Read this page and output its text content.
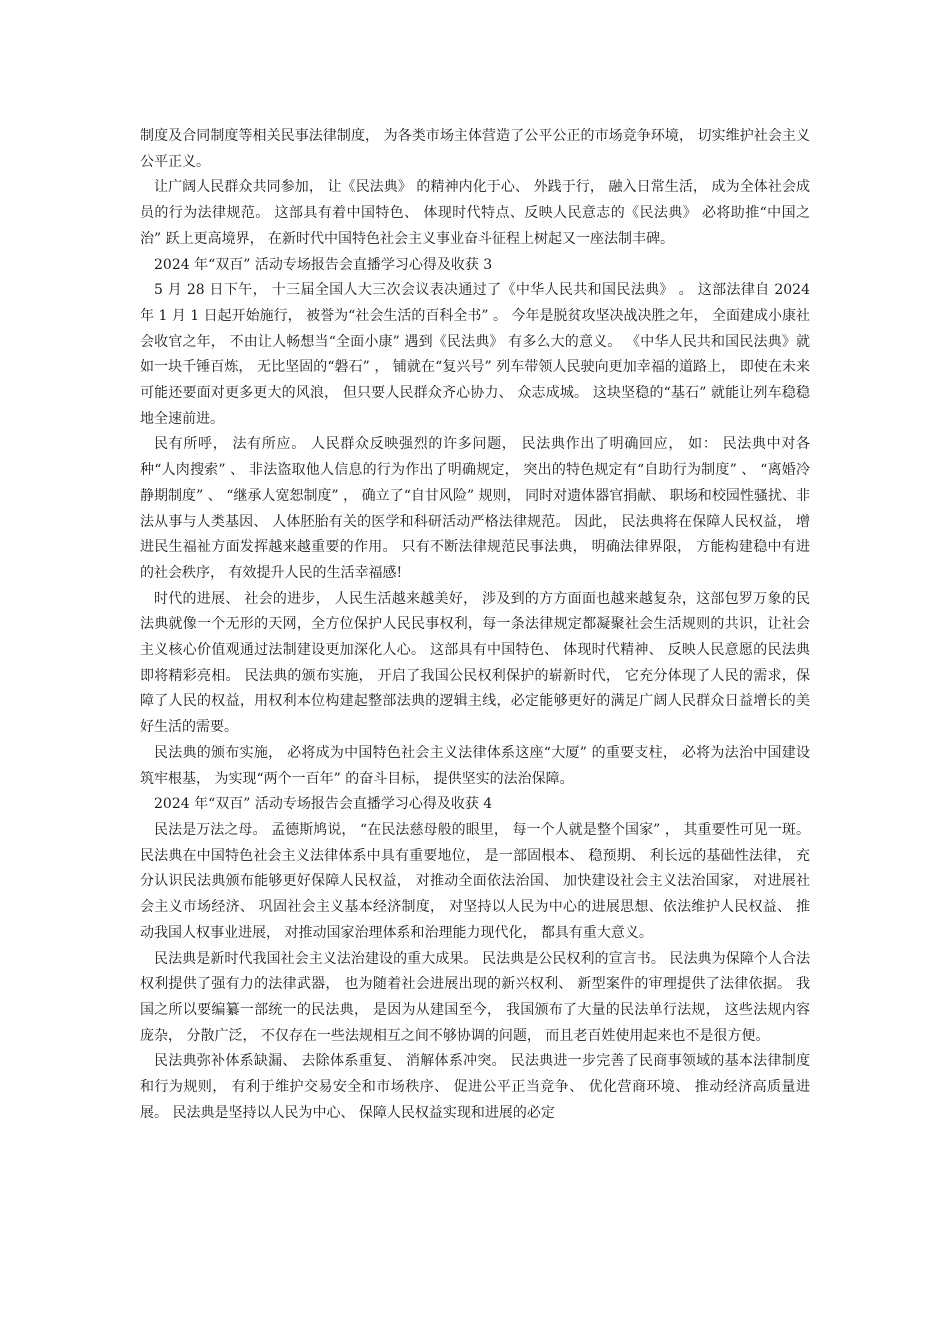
制度及合同制度等相关民事法律制度， 为各类市场主体营造了公平公正的市场竞争环境， 切实维护社会主义公平正义。

让广阔人民群众共同参加， 让《民法典》 的精神内化于心、 外践于行， 融入日常生活， 成为全体社会成员的行为法律规范。 这部具有着中国特色、 体现时代特点、反映人民意志的《民法典》 必将助推“中国之治” 跃上更高境界， 在新时代中国特色社会主义事业奋斗征程上树起又一座法制丰碑。

2024 年“双百” 活动专场报告会直播学习心得及收获 3

5 月 28 日下午， 十三届全国人大三次会议表决通过了《中华人民共和国民法典》 。 这部法律自 2024 年 1 月 1 日起开始施行， 被誉为“社会生活的百科全书” 。 今年是脱贫攻坚决战决胜之年， 全面建成小康社会收官之年， 不由让人畅想当“全面小康” 遇到《民法典》 有多么大的意义。 《中华人民共和国民法典》就如一块千锤百炼， 无比坚固的“磐石” ， 铺就在“复兴号” 列车带领人民驶向更加幸福的道路上， 即使在未来可能还要面对更多更大的风浪， 但只要人民群众齐心协力、 众志成城。 这块坚稳的“基石” 就能让列车稳稳地全速前进。

民有所呼， 法有所应。 人民群众反映强烈的许多问题， 民法典作出了明确回应， 如： 民法典中对各种“人肉搜索” 、 非法盗取他人信息的行为作出了明确规定， 突出的特色规定有“自助行为制度” 、 “离婚冷静期制度” 、 “继承人宽恕制度” ， 确立了“自甘风险” 规则， 同时对遗体器官捐献、 职场和校园性骚扰、非法从事与人类基因、 人体胚胎有关的医学和科研活动严格法律规范。 因此， 民法典将在保障人民权益， 增进民生福祉方面发挥越来越重要的作用。 只有不断法律规范民事法典， 明确法律界限， 方能构建稳中有进的社会秩序， 有效提升人民的生活幸福感!

时代的进展、 社会的进步， 人民生活越来越美好， 涉及到的方方面面也越来越复杂，这部包罗万象的民法典就像一个无形的天网，全方位保护人民民事权利，每一条法律规定都凝聚社会生活规则的共识，让社会主义核心价值观通过法制建设更加深化人心。 这部具有中国特色、 体现时代精神、 反映人民意愿的民法典即将精彩亮相。 民法典的颁布实施， 开启了我国公民权利保护的崭新时代， 它充分体现了人民的需求，保障了人民的权益，用权利本位构建起整部法典的逻辑主线，必定能够更好的满足广阔人民群众日益增长的美好生活的需要。

民法典的颁布实施， 必将成为中国特色社会主义法律体系这座“大厦” 的重要支柱， 必将为法治中国建设筑牢根基， 为实现“两个一百年” 的奋斗目标， 提供坚实的法治保障。

2024 年“双百” 活动专场报告会直播学习心得及收获 4

民法是万法之母。 孟德斯鸠说， “在民法慈母般的眼里， 每一个人就是整个国家” ， 其重要性可见一斑。 民法典在中国特色社会主义法律体系中具有重要地位， 是一部固根本、 稳预期、 利长远的基础性法律， 充分认识民法典颁布能够更好保障人民权益， 对推动全面依法治国、 加快建设社会主义法治国家， 对进展社会主义市场经济、 巩固社会主义基本经济制度， 对坚持以人民为中心的进展思想、依法维护人民权益、 推动我国人权事业进展， 对推动国家治理体系和治理能力现代化， 都具有重大意义。

民法典是新时代我国社会主义法治建设的重大成果。 民法典是公民权利的宣言书。 民法典为保障个人合法权利提供了强有力的法律武器， 也为随着社会进展出现的新兴权利、 新型案件的审理提供了法律依据。 我国之所以要编纂一部统一的民法典， 是因为从建国至今， 我国颁布了大量的民法单行法规， 这些法规内容庞杂， 分散广泛， 不仅存在一些法规相互之间不够协调的问题， 而且老百姓使用起来也不是很方便。

民法典弥补体系缺漏、 去除体系重复、 消解体系冲突。 民法典进一步完善了民商事领域的基本法律制度和行为规则， 有利于维护交易安全和市场秩序、 促进公平正当竞争、 优化营商环境、 推动经济高质量进展。 民法典是坚持以人民为中心、 保障人民权益实现和进展的必定
